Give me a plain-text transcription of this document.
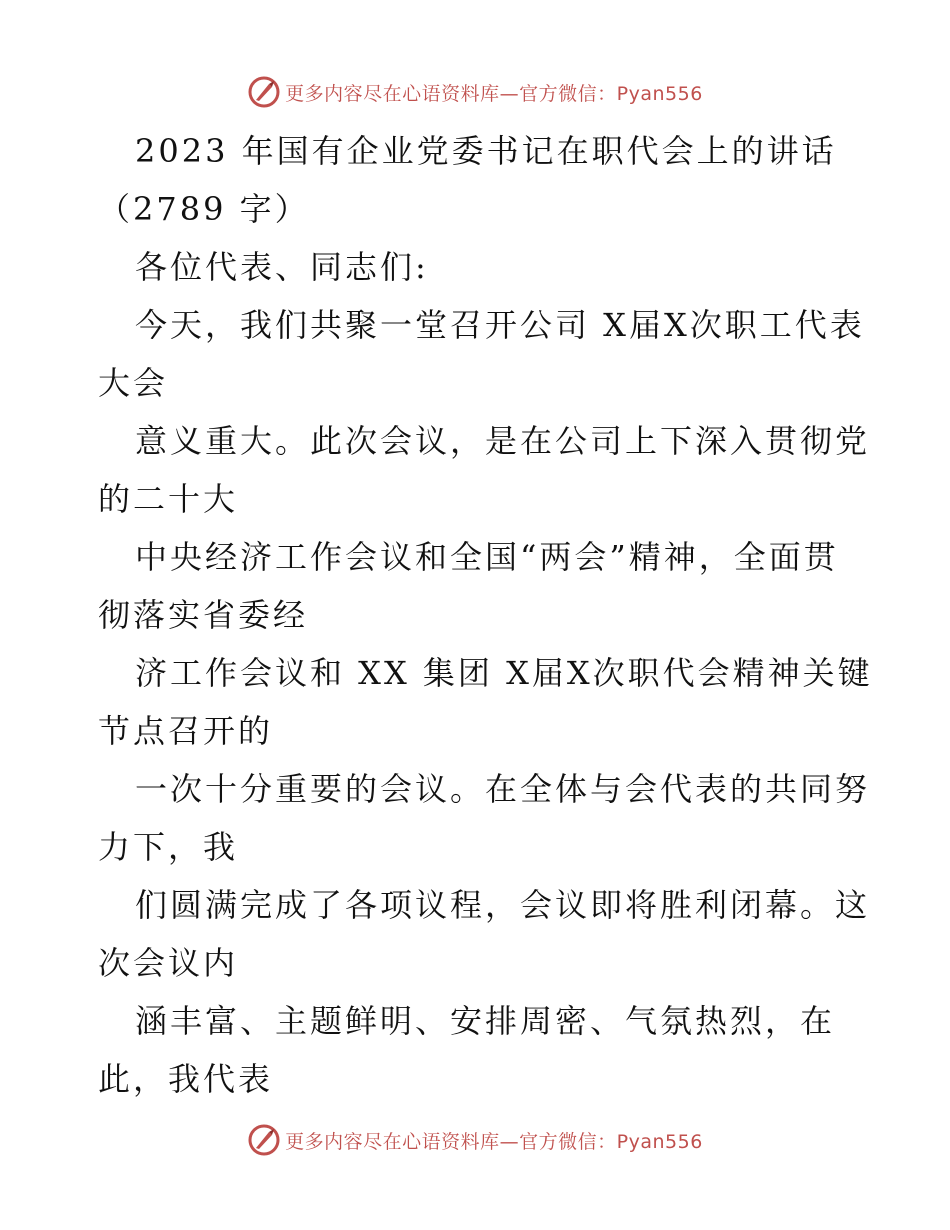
更多内容尽在心语资料库—官方微信：Pyan556
2023 年国有企业党委书记在职代会上的讲话
（2789 字）
各位代表、同志们:
今天，我们共聚一堂召开公司 X届X次职工代表
大会
意义重大。此次会议，是在公司上下深入贯彻党
的二十大
中央经济工作会议和全国“两会”精神，全面贯
彻落实省委经
济工作会议和 XX 集团 X届X次职代会精神关键
节点召开的
一次十分重要的会议。在全体与会代表的共同努
力下，我
们圆满完成了各项议程，会议即将胜利闭幕。这
次会议内
涵丰富、主题鲜明、安排周密、气氛热烈，在
此，我代表
更多内容尽在心语资料库—官方微信：Pyan556
